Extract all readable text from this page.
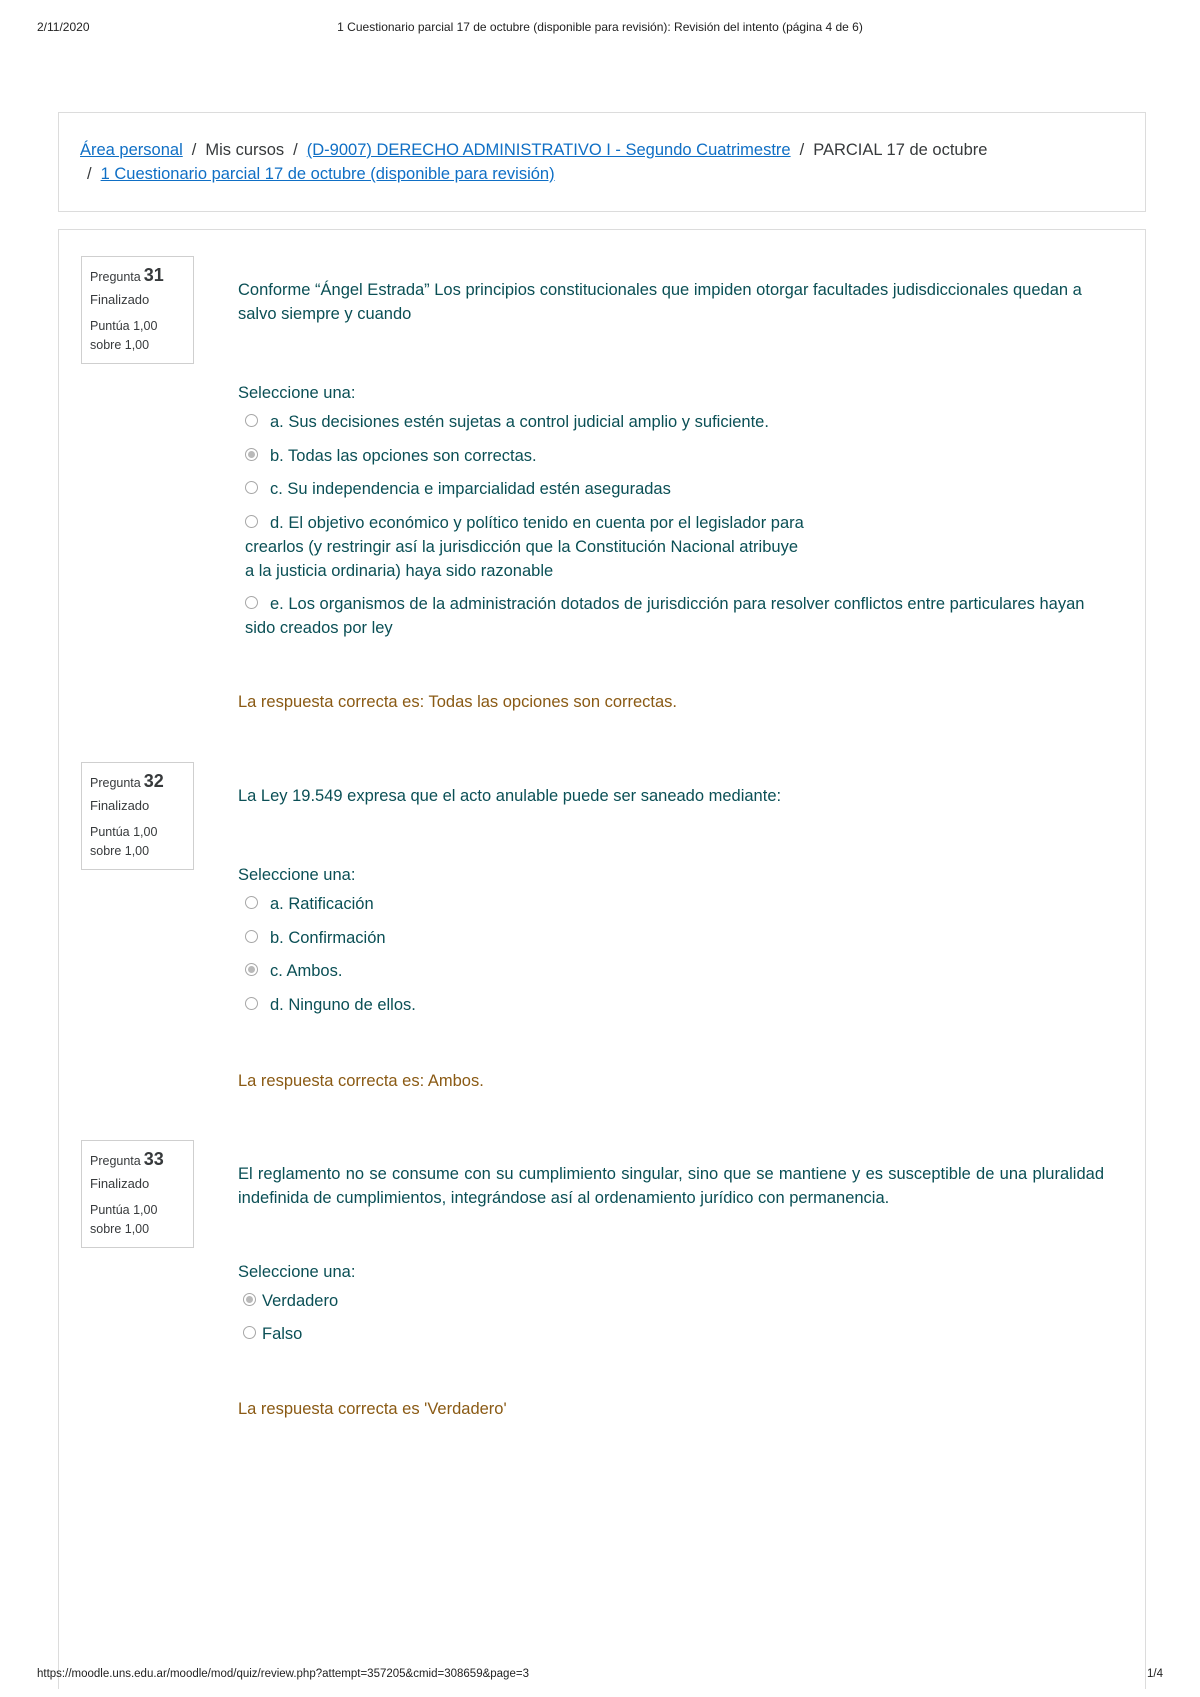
2/11/2020	1 Cuestionario parcial 17 de octubre (disponible para revisión): Revisión del intento (página 4 de 6)
Área personal / Mis cursos / (D-9007) DERECHO ADMINISTRATIVO I - Segundo Cuatrimestre / PARCIAL 17 de octubre
/ 1 Cuestionario parcial 17 de octubre (disponible para revisión)
Pregunta 31
Finalizado
Puntúa 1,00
sobre 1,00
Conforme “Ángel Estrada” Los principios constitucionales que impiden otorgar facultades judisdiccionales quedan a salvo siempre y cuando
Seleccione una:
a. Sus decisiones estén sujetas a control judicial amplio y suficiente.
b. Todas las opciones son correctas.
c. Su independencia e imparcialidad estén aseguradas
d. El objetivo económico y político tenido en cuenta por el legislador para crearlos (y restringir así la jurisdicción que la Constitución Nacional atribuye a la justicia ordinaria) haya sido razonable
e. Los organismos de la administración dotados de jurisdicción para resolver conflictos entre particulares hayan sido creados por ley
La respuesta correcta es: Todas las opciones son correctas.
Pregunta 32
Finalizado
Puntúa 1,00
sobre 1,00
La Ley 19.549 expresa que el acto anulable puede ser saneado mediante:
Seleccione una:
a. Ratificación
b. Confirmación
c. Ambos.
d. Ninguno de ellos.
La respuesta correcta es: Ambos.
Pregunta 33
Finalizado
Puntúa 1,00
sobre 1,00
El reglamento no se consume con su cumplimiento singular, sino que se mantiene y es susceptible de una pluralidad indefinida de cumplimientos, integrándose así al ordenamiento jurídico con permanencia.
Seleccione una:
Verdadero
Falso
La respuesta correcta es 'Verdadero'
https://moodle.uns.edu.ar/moodle/mod/quiz/review.php?attempt=357205&cmid=308659&page=3	1/4
